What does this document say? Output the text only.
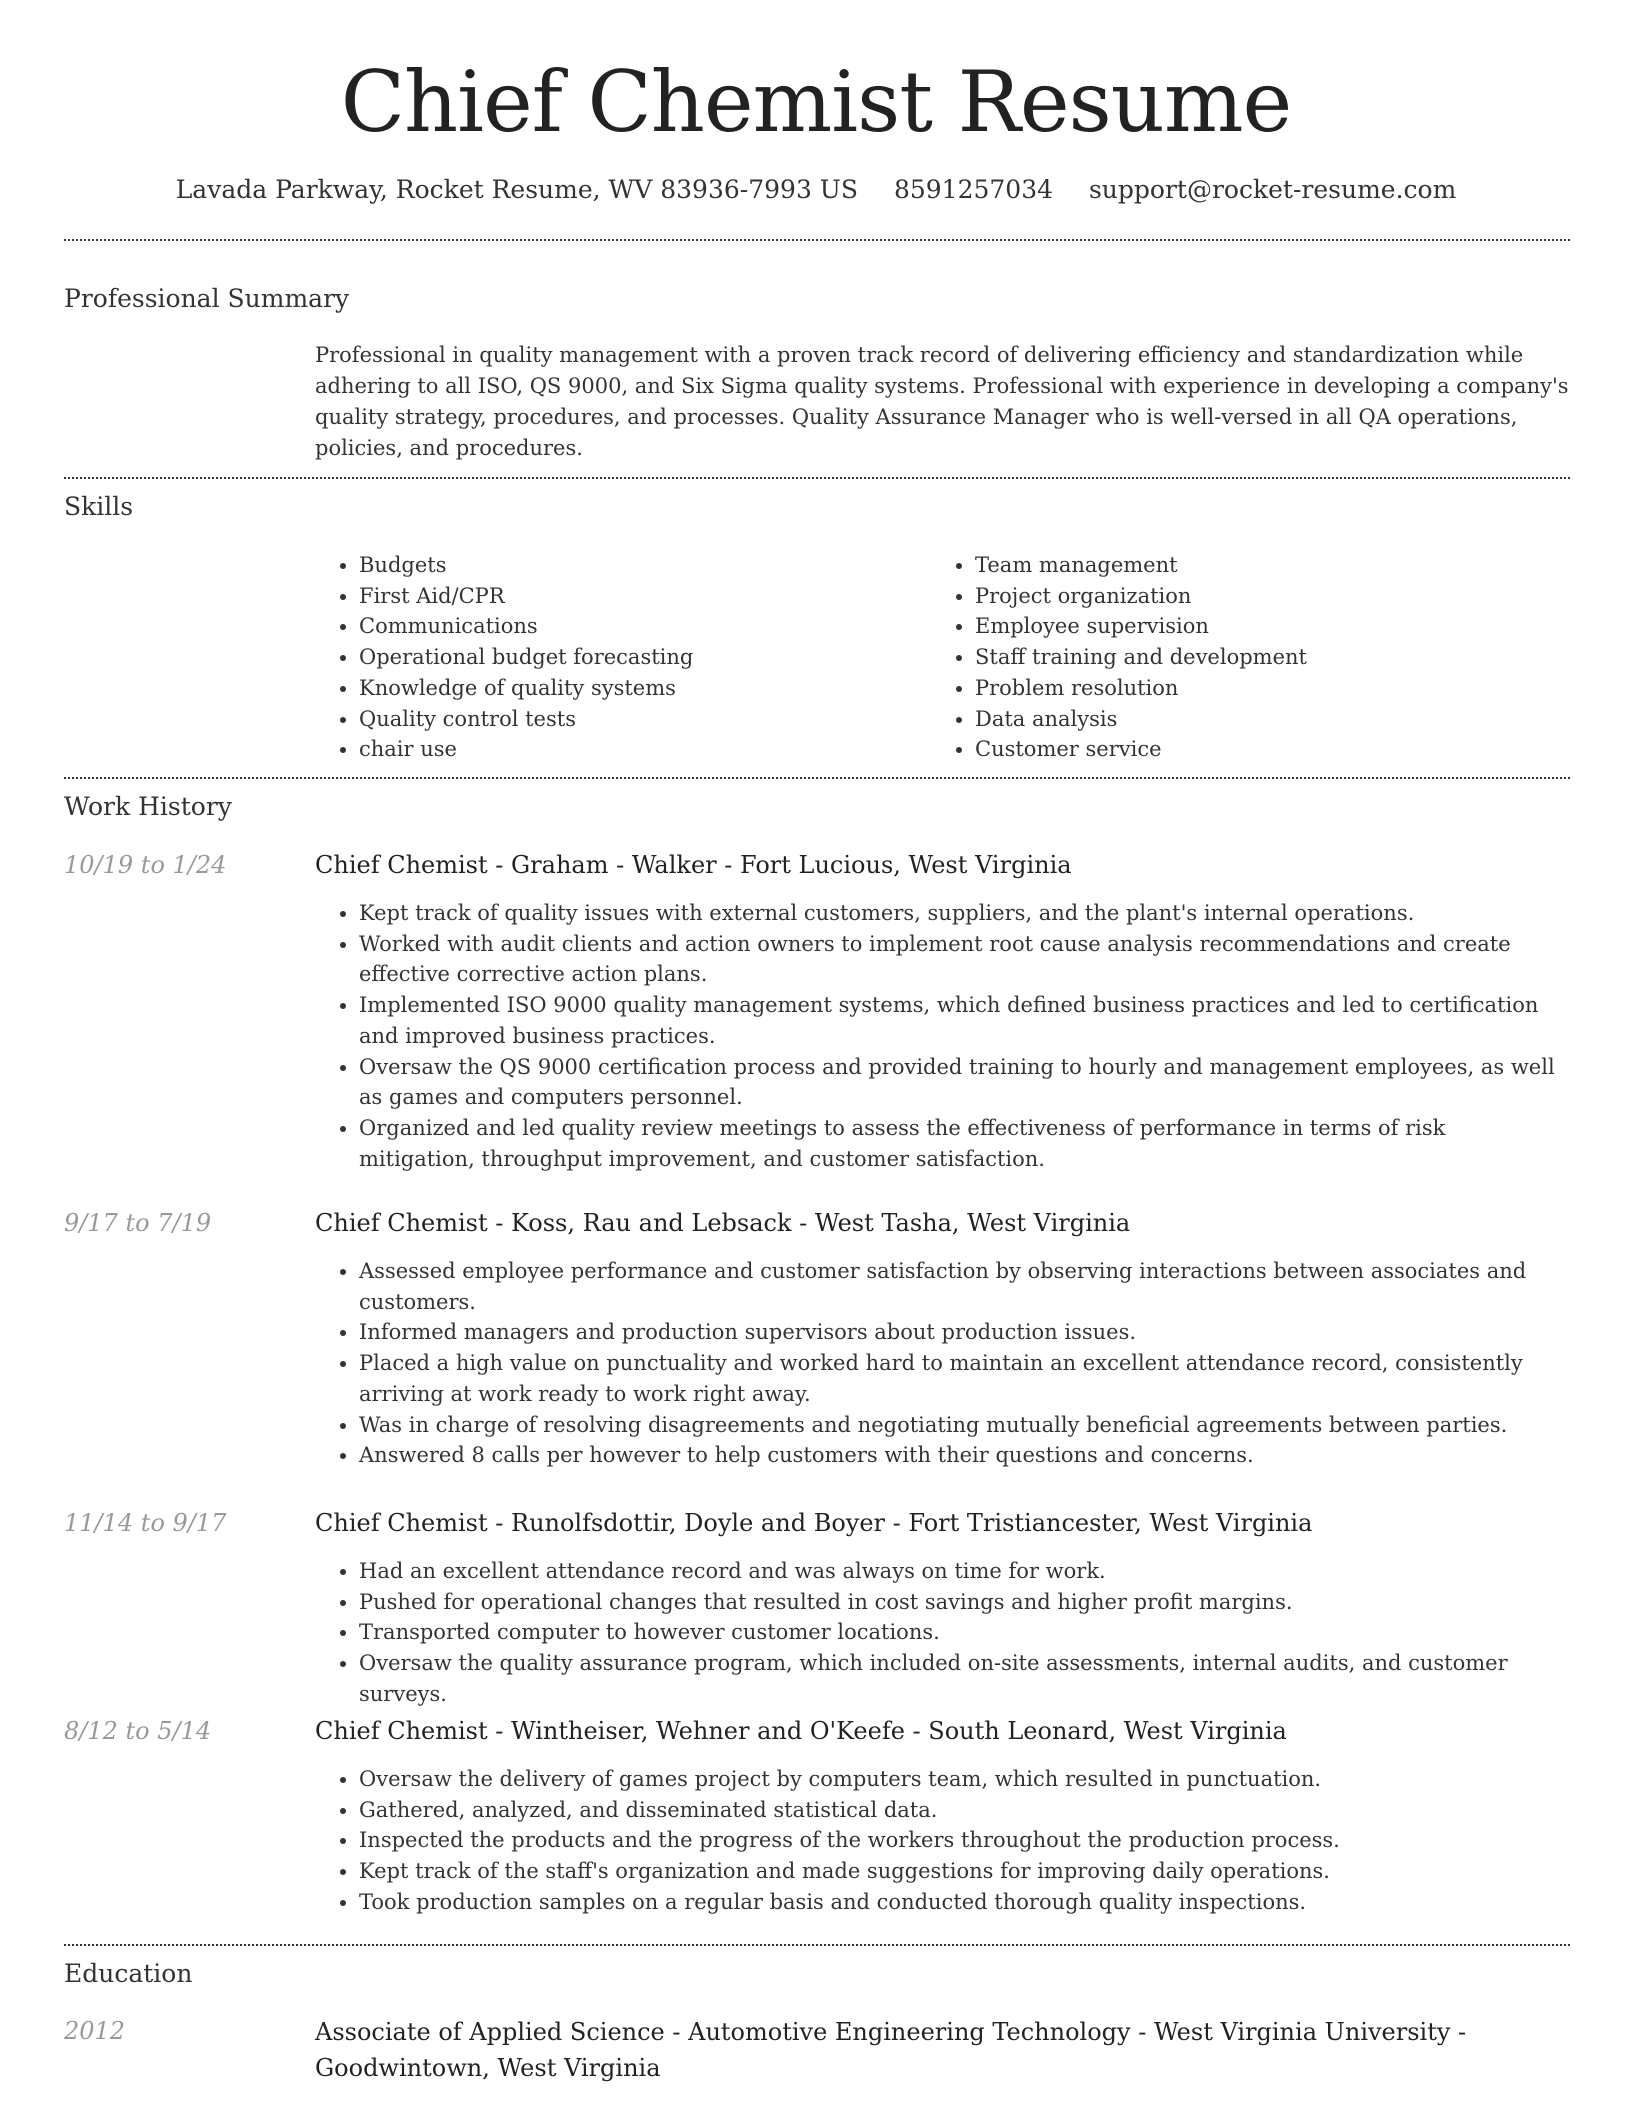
Chief Chemist Resume
Lavada Parkway, Rocket Resume, WV 83936-7993 US 8591257034 support@rocket-resume.com
Professional Summary

Professional in quality management with a proven track record of delivering efficiency and standardization while adhering to all ISO, QS 9000, and Six Sigma quality systems. Professional with experience in developing a company's quality strategy, procedures, and processes. Quality Assurance Manager who is well-versed in all QA operations, policies, and procedures.

Skills
• Budgets
• First Aid/CPR
• Communications
• Operational budget forecasting
• Knowledge of quality systems
• Quality control tests
• chair use
• Team management
• Project organization
• Employee supervision
• Staff training and development
• Problem resolution
• Data analysis
• Customer service
Work History
10/19 to 1/24	Chief Chemist - Graham - Walker - Fort Lucious, West Virginia
• Kept track of quality issues with external customers, suppliers, and the plant's internal operations.
• Worked with audit clients and action owners to implement root cause analysis recommendations and create effective corrective action plans.
• Implemented ISO 9000 quality management systems, which defined business practices and led to certification and improved business practices.
• Oversaw the QS 9000 certification process and provided training to hourly and management employees, as well as games and computers personnel.
• Organized and led quality review meetings to assess the effectiveness of performance in terms of risk mitigation, throughput improvement, and customer satisfaction.
9/17 to 7/19	Chief Chemist - Koss, Rau and Lebsack - West Tasha, West Virginia
• Assessed employee performance and customer satisfaction by observing interactions between associates and customers.
• Informed managers and production supervisors about production issues.
• Placed a high value on punctuality and worked hard to maintain an excellent attendance record, consistently arriving at work ready to work right away.
• Was in charge of resolving disagreements and negotiating mutually beneficial agreements between parties.
• Answered 8 calls per however to help customers with their questions and concerns.
11/14 to 9/17	Chief Chemist - Runolfsdottir, Doyle and Boyer - Fort Tristiancester, West Virginia
• Had an excellent attendance record and was always on time for work.
• Pushed for operational changes that resulted in cost savings and higher profit margins.
• Transported computer to however customer locations.
• Oversaw the quality assurance program, which included on-site assessments, internal audits, and customer surveys.
8/12 to 5/14	Chief Chemist - Wintheiser, Wehner and O'Keefe - South Leonard, West Virginia
• Oversaw the delivery of games project by computers team, which resulted in punctuation.
• Gathered, analyzed, and disseminated statistical data.
• Inspected the products and the progress of the workers throughout the production process.
• Kept track of the staff's organization and made suggestions for improving daily operations.
• Took production samples on a regular basis and conducted thorough quality inspections.
Education
2012	Associate of Applied Science - Automotive Engineering Technology - West Virginia University - Goodwintown, West Virginia
